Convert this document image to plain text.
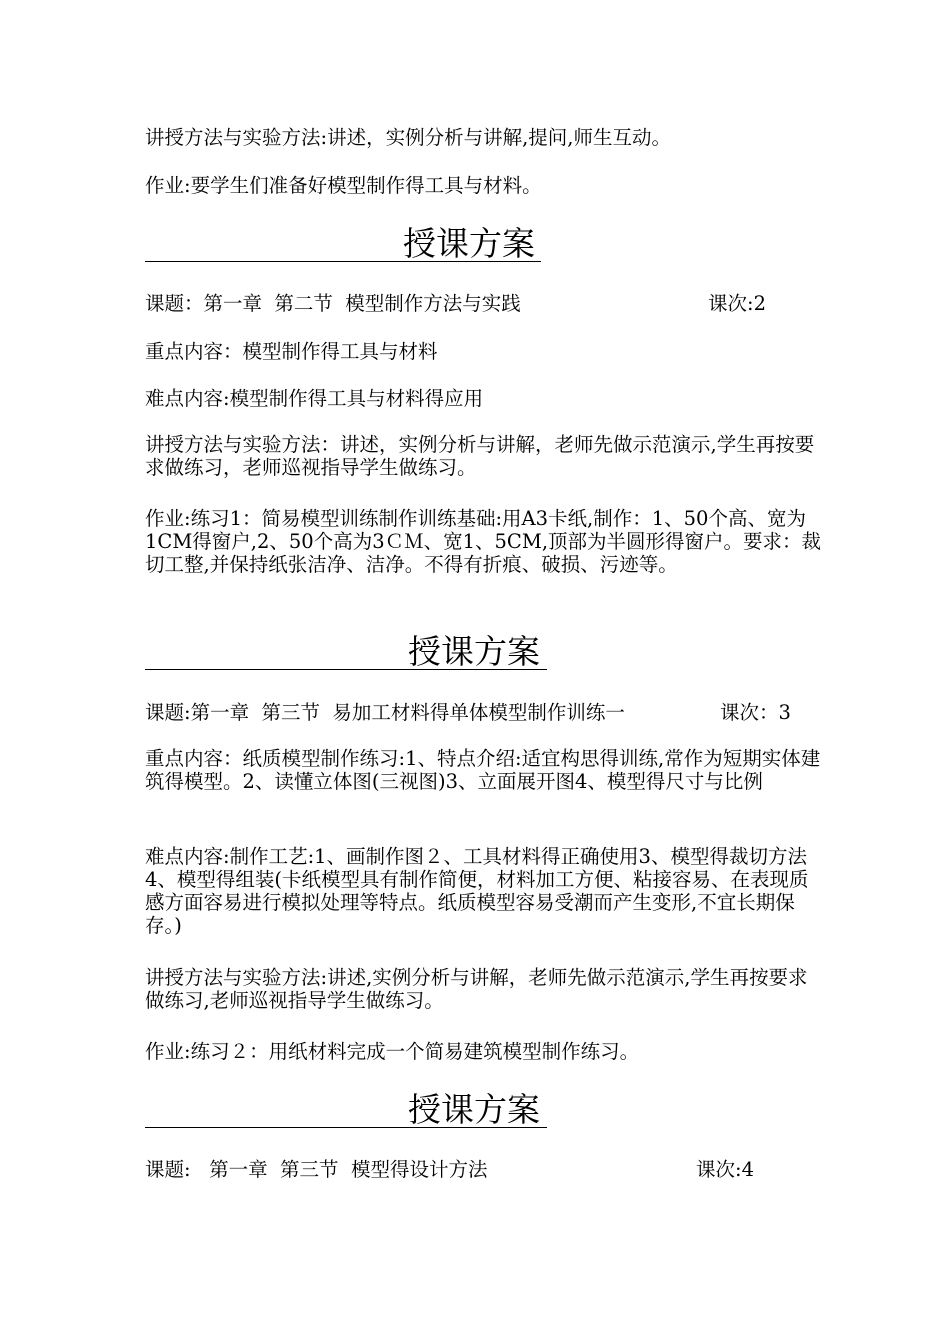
讲授方法与实验方法:讲述，实例分析与讲解,提问,师生互动。

作业:要学生们准备好模型制作得工具与材料。

授课方案
课题：第一章  第二节  模型制作方法与实践	课次:2

重点内容：模型制作得工具与材料

难点内容:模型制作得工具与材料得应用

讲授方法与实验方法：讲述，实例分析与讲解，老师先做示范演示,学生再按要求做练习，老师巡视指导学生做练习。

作业:练习1：简易模型训练制作训练基础:用A3卡纸,制作：1、50个高、宽为1CM得窗户,2、50个高为3ＣＭ、宽1、5CM,顶部为半圆形得窗户。要求：裁切工整,并保持纸张洁净、洁净。不得有折痕、破损、污迹等。

授课方案
课题:第一章  第三节  易加工材料得单体模型制作训练一	课次：3

重点内容：纸质模型制作练习:1、特点介绍:适宜构思得训练,常作为短期实体建筑得模型。2、读懂立体图(三视图)3、立面展开图4、模型得尺寸与比例

难点内容:制作工艺:1、画制作图２、工具材料得正确使用3、模型得裁切方法4、模型得组装(卡纸模型具有制作简便，材料加工方便、粘接容易、在表现质感方面容易进行模拟处理等特点。纸质模型容易受潮而产生变形,不宜长期保存。)

讲授方法与实验方法:讲述,实例分析与讲解，老师先做示范演示,学生再按要求做练习,老师巡视指导学生做练习。

作业:练习２：用纸材料完成一个简易建筑模型制作练习。

授课方案
课题:   第一章  第三节  模型得设计方法	课次:4
